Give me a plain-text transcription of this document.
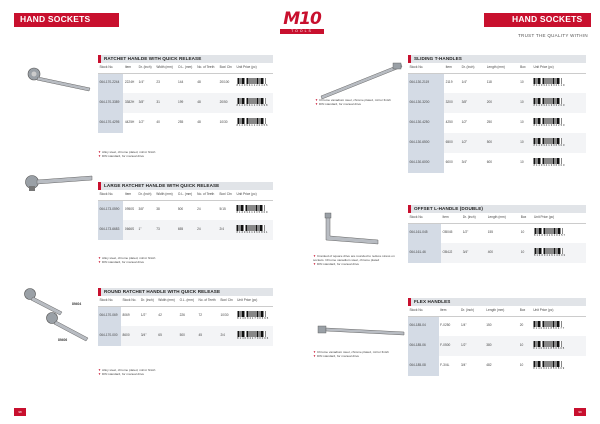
HAND SOCKETS	M10
TOOLS
HAND SOCKETS
TRUST THE QUALITY WITHIN
RATCHET HANLDE WITH QUICK RELEASE
Stock No.	Item	Dr. (inch)	Width (mm)	O.L. (mm)	No. of Teeth	Box/ Ctn	Unit Price (pc)
064-170-2244	2224H	1/4"	23	144	48	20/100	8 1 4 0 9 4 1 1 2 2 4 4 5

064-170-3389	3382H	3/8"	31	199	48	20/50	8 1 4 0 9 4 1 1 3 3 8 9 8

064-170-4295	4425H	1/2"	40	255	48	10/30	8 1 4 0 9 4 1 1 4 2 9 5 6
▼Alloy steel, chrome plated, mirror finish
▼DIN standard, for manual drive
LARGE RATCHET HANLDE WITH QUICK RELEASE
Stock No.	Item	Dr. (inch)	Width (mm)	O.L. (mm)	No. of Teeth	Box/ Ctn	Unit Price (pc)
064-173-0590	0950S	3/8"	38	500	24	5/15	8 1 4 0 9 4 1 3 0 5 9 0 9

064-173-6683	0666S	1"	73	655	24	2/4	8 1 4 0 9 4 1 3 6 6 8 3 1
▼Alloy steel, chrome plated, mirror finish
▼DIN standard, for manual drive
89404
89406
ROUND RATCHET HANDLE WITH QUICK RELEASE
Stock No.	Stock No.	Dr. (inch)	Width (mm)	O.L. (mm)	No. of Teeth	Box/ Ctn	Unit Price (pc)
064-170-069	8069	1/2"	42	226	72	10/30	8 1 4 0 9 4 1 7 0 0 6 9 5

064-170-000	8600	3/4"	65	500	45	2/4	8 1 4 0 9 4 1 7 0 0 0 0 6
▼Alloy steel, chrome plated, mirror finish
▼DIN standard, for manual drive
▼Chrome vanadium steel, chrome plated, mirror finish
▼DIN standard, for manual drive
SLIDING T-HANDLES
Stock No.	Item	Dr. (inch)	Length (mm)	Box	Unit Price (pc)
064-130-2119	2119	1/4"	118	10	8 1 4 0 9 4 1 3 0 2 1 1 9

064-130-3200	3200	3/8"	200	10	8 1 4 0 9 4 1 3 0 3 2 0 0

064-130-4250	4250	1/2"	250	10	8 1 4 0 9 4 1 3 0 4 2 5 0

064-130-6500	6500	1/2"	500	10	8 1 4 0 9 4 1 3 0 6 5 0 0

064-130-6000	6000	3/4"	600	10	8 1 4 0 9 4 1 3 0 6 0 0 0
▼Cranked of square drive are rounded to reduce stress on sockets. Chrome vanadium steel, chrome plated
▼DIN standard, for manual drive
OFFSET L-HANDLE (DOUBLE)
Stock No.	Item	Dr. (inch)	Length (mm)	Box	Unit Price (pc)
064-161-045	OB045	1/2"	155	10	8 1 4 0 9 4 1 6 1 0 4 5 7

064-161-46	OB4J2	3/4"	400	10	8 1 4 0 9 4 1 6 1 4 6 0 3
▼Chrome vanadium steel, chrome plated, mirror finish
▼DIN standard, for manual drive
FLEX HANDLES
Stock No.	Item	Dr. (inch)	Length (mm)	Box	Unit Price (pc)
064-185-04	F-0250	1/4"	150	20	8 1 4 0 9 4 1 8 5 0 4 7 7

064-185-06	F-0500	1/2"	380	10	8 1 4 0 9 4 1 8 5 0 6 0 5

064-185-08	F-3/4L	3/4"	482	10	8 1 4 0 9 4 1 8 5 0 8 0 9
98	99
